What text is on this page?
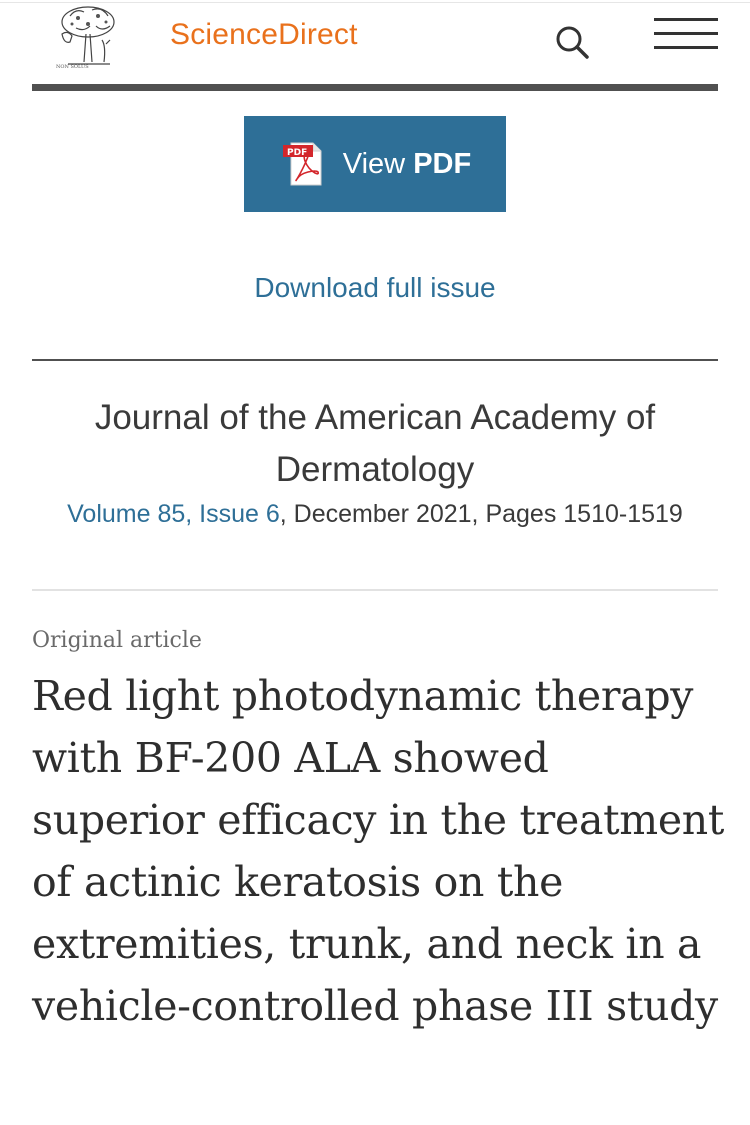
NON SOLUS
ScienceDirect
PDF View PDF
Download full issue
Journal of the American Academy of Dermatology
Volume 85, Issue 6, December 2021, Pages 1510-1519
Original article
Red light photodynamic therapy with BF-200 ALA showed superior efficacy in the treatment of actinic keratosis on the extremities, trunk, and neck in a vehicle-controlled phase III study
